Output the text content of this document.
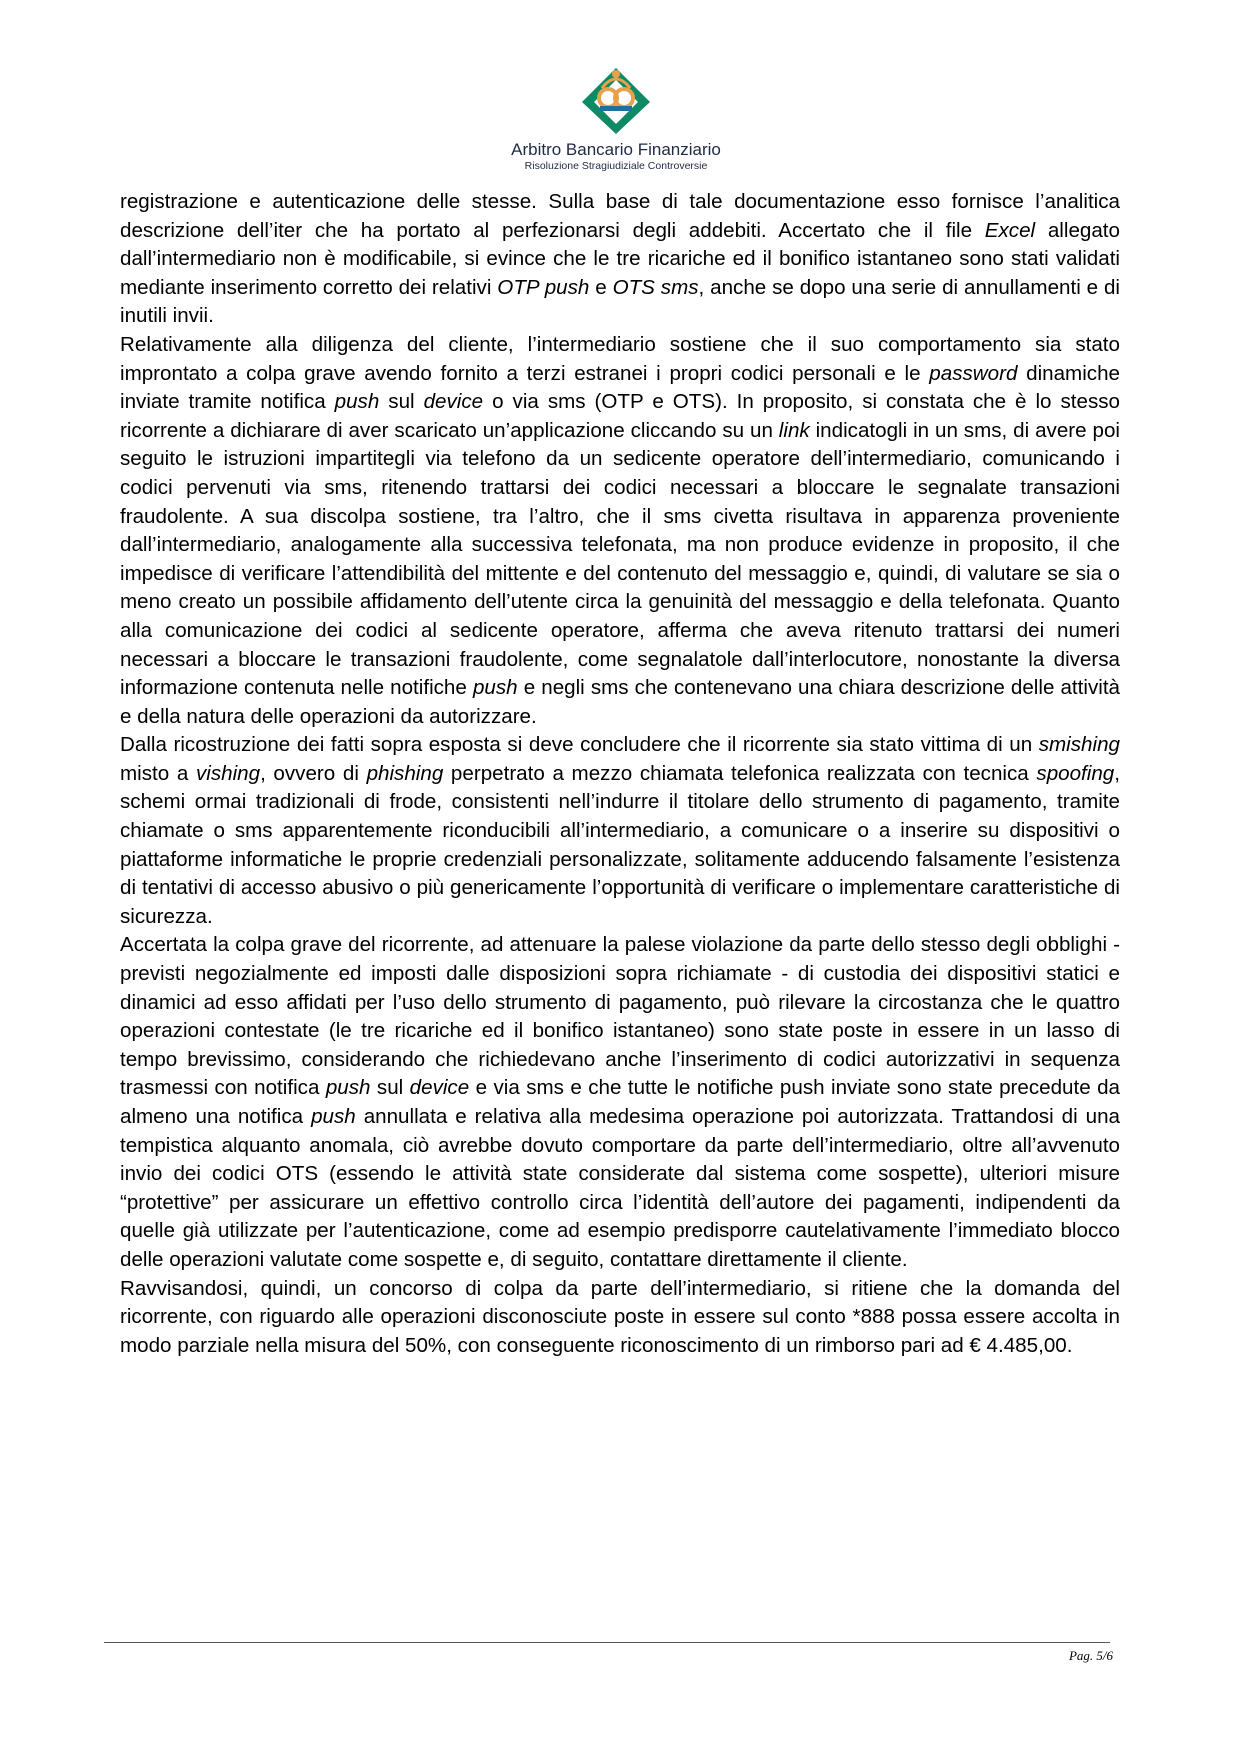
Arbitro Bancario Finanziario
Risoluzione Stragiudiziale Controversie

registrazione e autenticazione delle stesse. Sulla base di tale documentazione esso fornisce l’analitica descrizione dell’iter che ha portato al perfezionarsi degli addebiti. Accertato che il file Excel allegato dall’intermediario non è modificabile, si evince che le tre ricariche ed il bonifico istantaneo sono stati validati mediante inserimento corretto dei relativi OTP push e OTS sms, anche se dopo una serie di annullamenti e di inutili invii.

Relativamente alla diligenza del cliente, l’intermediario sostiene che il suo comportamento sia stato improntato a colpa grave avendo fornito a terzi estranei i propri codici personali e le password dinamiche inviate tramite notifica push sul device o via sms (OTP e OTS). In proposito, si constata che è lo stesso ricorrente a dichiarare di aver scaricato un’applicazione cliccando su un link indicatogli in un sms, di avere poi seguito le istruzioni impartitegli via telefono da un sedicente operatore dell’intermediario, comunicando i codici pervenuti via sms, ritenendo trattarsi dei codici necessari a bloccare le segnalate transazioni fraudolente. A sua discolpa sostiene, tra l’altro, che il sms civetta risultava in apparenza proveniente dall’intermediario, analogamente alla successiva telefonata, ma non produce evidenze in proposito, il che impedisce di verificare l’attendibilità del mittente e del contenuto del messaggio e, quindi, di valutare se sia o meno creato un possibile affidamento dell’utente circa la genuinità del messaggio e della telefonata. Quanto alla comunicazione dei codici al sedicente operatore, afferma che aveva ritenuto trattarsi dei numeri necessari a bloccare le transazioni fraudolente, come segnalatole dall’interlocutore, nonostante la diversa informazione contenuta nelle notifiche push e negli sms che contenevano una chiara descrizione delle attività e della natura delle operazioni da autorizzare.

Dalla ricostruzione dei fatti sopra esposta si deve concludere che il ricorrente sia stato vittima di un smishing misto a vishing, ovvero di phishing perpetrato a mezzo chiamata telefonica realizzata con tecnica spoofing, schemi ormai tradizionali di frode, consistenti nell’indurre il titolare dello strumento di pagamento, tramite chiamate o sms apparentemente riconducibili all’intermediario, a comunicare o a inserire su dispositivi o piattaforme informatiche le proprie credenziali personalizzate, solitamente adducendo falsamente l’esistenza di tentativi di accesso abusivo o più genericamente l’opportunità di verificare o implementare caratteristiche di sicurezza.

Accertata la colpa grave del ricorrente, ad attenuare la palese violazione da parte dello stesso degli obblighi - previsti negozialmente ed imposti dalle disposizioni sopra richiamate - di custodia dei dispositivi statici e dinamici ad esso affidati per l’uso dello strumento di pagamento, può rilevare la circostanza che le quattro operazioni contestate (le tre ricariche ed il bonifico istantaneo) sono state poste in essere in un lasso di tempo brevissimo, considerando che richiedevano anche l’inserimento di codici autorizzativi in sequenza trasmessi con notifica push sul device e via sms e che tutte le notifiche push inviate sono state precedute da almeno una notifica push annullata e relativa alla medesima operazione poi autorizzata. Trattandosi di una tempistica alquanto anomala, ciò avrebbe dovuto comportare da parte dell’intermediario, oltre all’avvenuto invio dei codici OTS (essendo le attività state considerate dal sistema come sospette), ulteriori misure “protettive” per assicurare un effettivo controllo circa l’identità dell’autore dei pagamenti, indipendenti da quelle già utilizzate per l’autenticazione, come ad esempio predisporre cautelativamente l’immediato blocco delle operazioni valutate come sospette e, di seguito, contattare direttamente il cliente.

Ravvisandosi, quindi, un concorso di colpa da parte dell’intermediario, si ritiene che la domanda del ricorrente, con riguardo alle operazioni disconosciute poste in essere sul conto *888 possa essere accolta in modo parziale nella misura del 50%, con conseguente riconoscimento di un rimborso pari ad € 4.485,00.

Pag. 5/6
